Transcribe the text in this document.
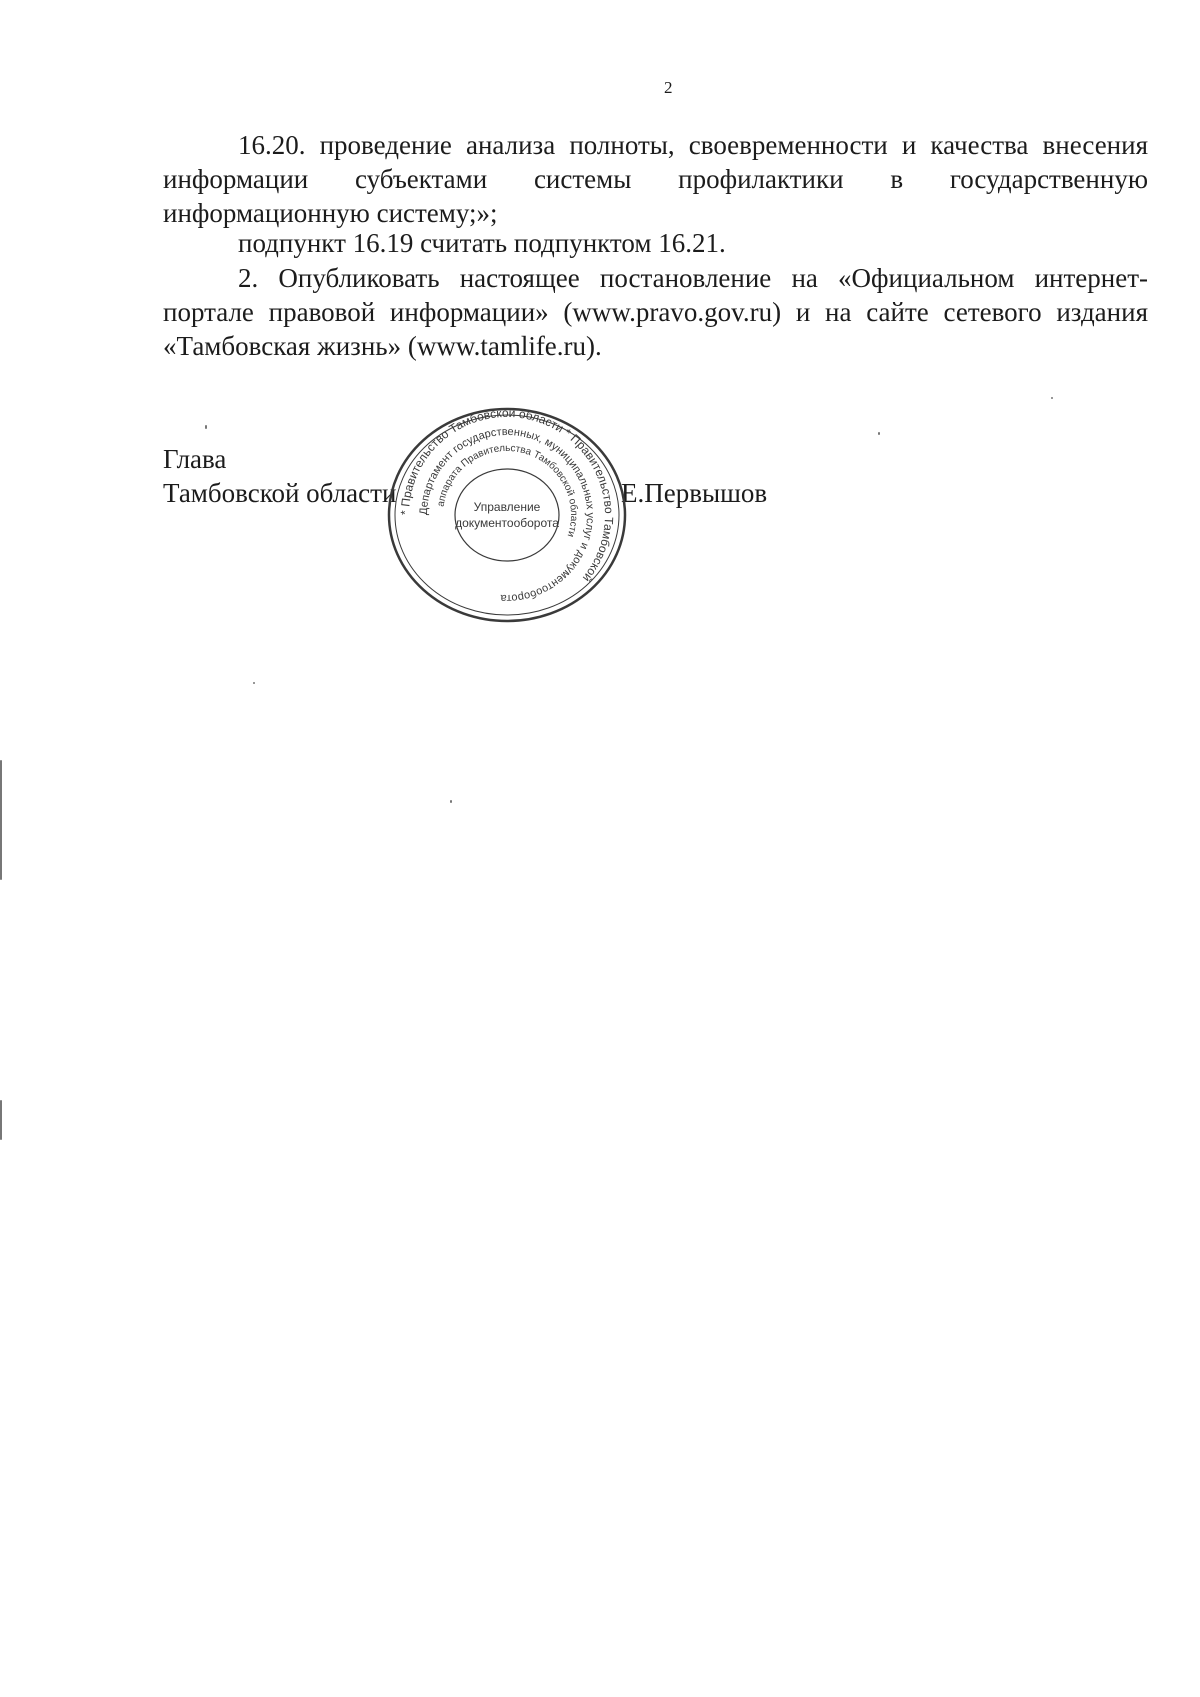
2

16.20. проведение анализа полноты, своевременности и качества внесения информации субъектами системы профилактики в государственную информационную систему;»;

подпункт 16.19 считать подпунктом 16.21.

2. Опубликовать настоящее постановление на «Официальном интернет-портале правовой информации» (www.pravo.gov.ru) и на сайте сетевого издания «Тамбовская жизнь» (www.tamlife.ru).

Глава
Тамбовской области	Е.Первышов
* Правительство Тамбовской области * Правительство Тамбовской
Департамент государственных, муниципальных услуг и документооборота
аппарата Правительства Тамбовской области
Управление
документооборота
